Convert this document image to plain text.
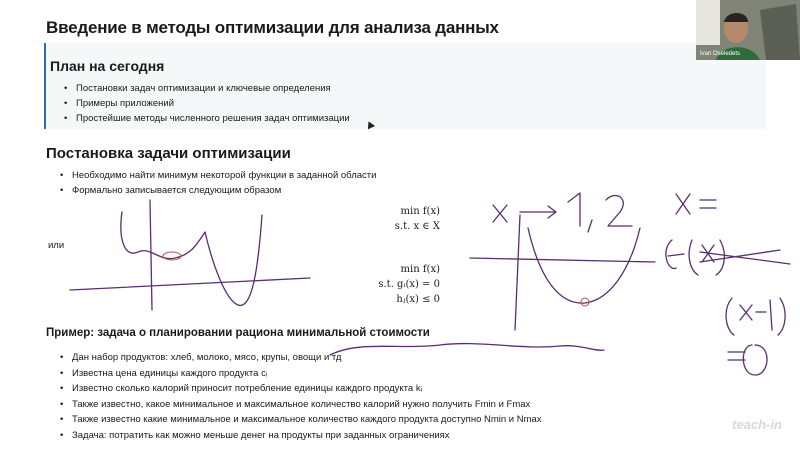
Введение в методы оптимизации для анализа данных
План на сегодня
• Постановки задач оптимизации и ключевые определения
• Примеры приложений
• Простейшие методы численного решения задач оптимизации
Постановка задачи оптимизации
• Необходимо найти минимум некоторой функции в заданной области
• Формально записывается следующим образом
или
min f(x)
s.t. x ∈ X
min f(x)
s.t. gᵢ(x) = 0
hⱼ(x) ≤ 0
Пример: задача о планировании рациона минимальной стоимости
• Дан набор продуктов: хлеб, молоко, мясо, крупы, овощи и тд
• Известна цена единицы каждого продукта cᵢ
• Известно сколько калорий приносит потребление единицы каждого продукта kᵢ
• Также известно, какое минимальное и максимальное количество калорий нужно получить Fmin и Fmax
• Также известно какие минимальное и максимальное количество каждого продукта доступно Nmin и Nmax
• Задача: потратить как можно меньше денег на продукты при заданных ограничениях
Ivan Oseledets
teach-in
